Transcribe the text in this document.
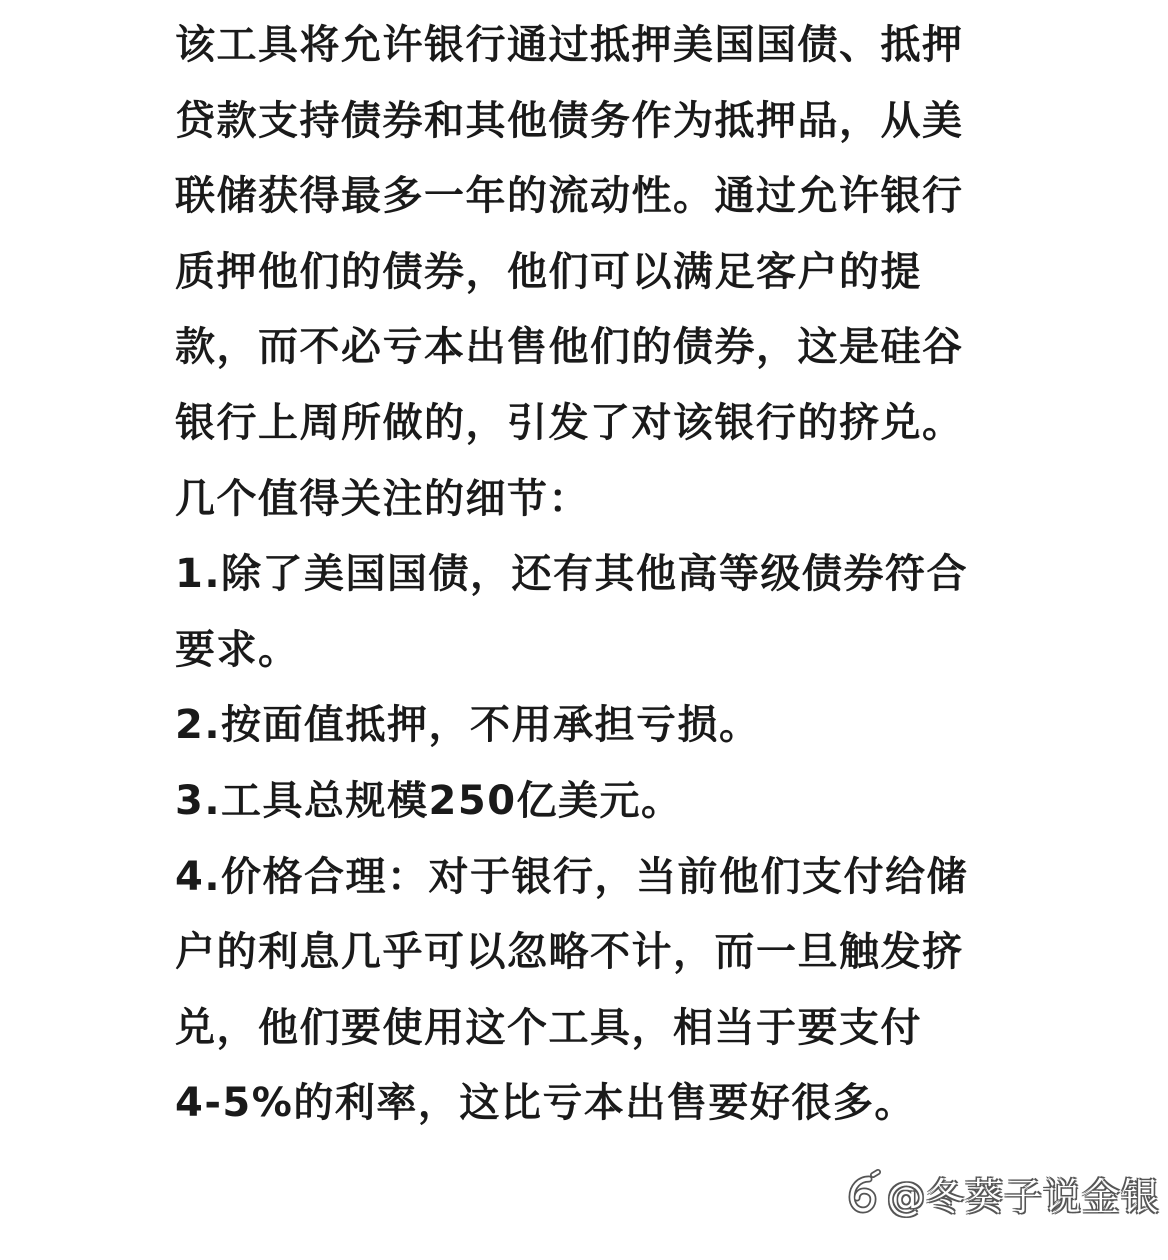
该工具将允许银行通过抵押美国国债、抵押
贷款支持债券和其他债务作为抵押品，从美
联储获得最多一年的流动性。通过允许银行
质押他们的债券，他们可以满足客户的提
款，而不必亏本出售他们的债券，这是硅谷
银行上周所做的，引发了对该银行的挤兑。
几个值得关注的细节：
1.除了美国国债，还有其他高等级债券符合
要求。
2.按面值抵押，不用承担亏损。
3.工具总规模250亿美元。
4.价格合理：对于银行，当前他们支付给储
户的利息几乎可以忽略不计，而一旦触发挤
兑，他们要使用这个工具，相当于要支付
4-5%的利率，这比亏本出售要好很多。
@冬葵子说金银
